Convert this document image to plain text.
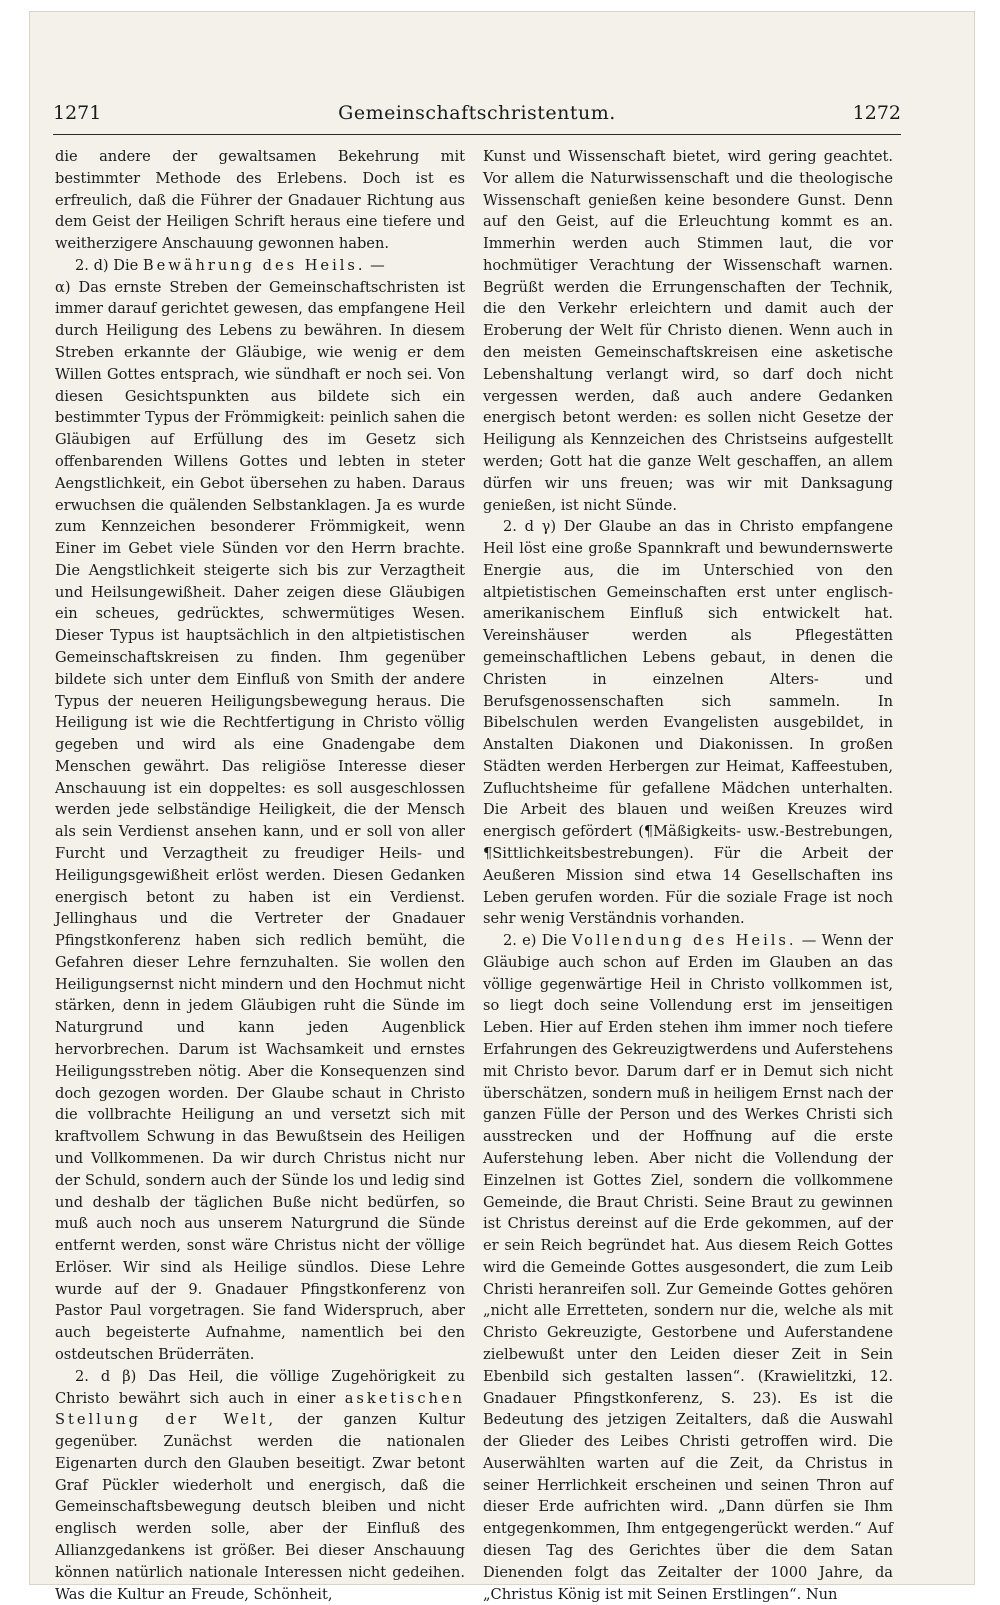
1271	Gemeinschaftschristentum.	1272

die andere der gewaltsamen Bekehrung mit bestimmter Methode des Erlebens. Doch ist es erfreulich, daß die Führer der Gnadauer Richtung aus dem Geist der Heiligen Schrift heraus eine tiefere und weitherzigere Anschauung gewonnen haben.

2. d) Die Bewährung des Heils. —

α) Das ernste Streben der Gemeinschaftschristen ist immer darauf gerichtet gewesen, das empfangene Heil durch Heiligung des Lebens zu bewähren. In diesem Streben erkannte der Gläubige, wie wenig er dem Willen Gottes entsprach, wie sündhaft er noch sei. Von diesen Gesichtspunkten aus bildete sich ein bestimmter Typus der Frömmigkeit: peinlich sahen die Gläubigen auf Erfüllung des im Gesetz sich offenbarenden Willens Gottes und lebten in steter Aengstlichkeit, ein Gebot übersehen zu haben. Daraus erwuchsen die quälenden Selbstanklagen. Ja es wurde zum Kennzeichen besonderer Frömmigkeit, wenn Einer im Gebet viele Sünden vor den Herrn brachte. Die Aengstlichkeit steigerte sich bis zur Verzagtheit und Heilsungewißheit. Daher zeigen diese Gläubigen ein scheues, gedrücktes, schwermütiges Wesen. Dieser Typus ist hauptsächlich in den altpietistischen Gemeinschaftskreisen zu finden. Ihm gegenüber bildete sich unter dem Einfluß von Smith der andere Typus der neueren Heiligungsbewegung heraus. Die Heiligung ist wie die Rechtfertigung in Christo völlig gegeben und wird als eine Gnadengabe dem Menschen gewährt. Das religiöse Interesse dieser Anschauung ist ein doppeltes: es soll ausgeschlossen werden jede selbständige Heiligkeit, die der Mensch als sein Verdienst ansehen kann, und er soll von aller Furcht und Verzagtheit zu freudiger Heils- und Heiligungsgewißheit erlöst werden. Diesen Gedanken energisch betont zu haben ist ein Verdienst. Jellinghaus und die Vertreter der Gnadauer Pfingstkonferenz haben sich redlich bemüht, die Gefahren dieser Lehre fernzuhalten. Sie wollen den Heiligungsernst nicht mindern und den Hochmut nicht stärken, denn in jedem Gläubigen ruht die Sünde im Naturgrund und kann jeden Augenblick hervorbrechen. Darum ist Wachsamkeit und ernstes Heiligungsstreben nötig. Aber die Konsequenzen sind doch gezogen worden. Der Glaube schaut in Christo die vollbrachte Heiligung an und versetzt sich mit kraftvollem Schwung in das Bewußtsein des Heiligen und Vollkommenen. Da wir durch Christus nicht nur der Schuld, sondern auch der Sünde los und ledig sind und deshalb der täglichen Buße nicht bedürfen, so muß auch noch aus unserem Naturgrund die Sünde entfernt werden, sonst wäre Christus nicht der völlige Erlöser. Wir sind als Heilige sündlos. Diese Lehre wurde auf der 9. Gnadauer Pfingstkonferenz von Pastor Paul vorgetragen. Sie fand Widerspruch, aber auch begeisterte Aufnahme, namentlich bei den ostdeutschen Brüderräten.

2. d β) Das Heil, die völlige Zugehörigkeit zu Christo bewährt sich auch in einer asketischen Stellung der Welt, der ganzen Kultur gegenüber. Zunächst werden die nationalen Eigenarten durch den Glauben beseitigt. Zwar betont Graf Pückler wiederholt und energisch, daß die Gemeinschaftsbewegung deutsch bleiben und nicht englisch werden solle, aber der Einfluß des Allianzgedankens ist größer. Bei dieser Anschauung können natürlich nationale Interessen nicht gedeihen. Was die Kultur an Freude, Schönheit,

Kunst und Wissenschaft bietet, wird gering geachtet. Vor allem die Naturwissenschaft und die theologische Wissenschaft genießen keine besondere Gunst. Denn auf den Geist, auf die Erleuchtung kommt es an. Immerhin werden auch Stimmen laut, die vor hochmütiger Verachtung der Wissenschaft warnen. Begrüßt werden die Errungenschaften der Technik, die den Verkehr erleichtern und damit auch der Eroberung der Welt für Christo dienen. Wenn auch in den meisten Gemeinschaftskreisen eine asketische Lebenshaltung verlangt wird, so darf doch nicht vergessen werden, daß auch andere Gedanken energisch betont werden: es sollen nicht Gesetze der Heiligung als Kennzeichen des Christseins aufgestellt werden; Gott hat die ganze Welt geschaffen, an allem dürfen wir uns freuen; was wir mit Danksagung genießen, ist nicht Sünde.

2. d γ) Der Glaube an das in Christo empfangene Heil löst eine große Spannkraft und bewundernswerte Energie aus, die im Unterschied von den altpietistischen Gemeinschaften erst unter englisch-amerikanischem Einfluß sich entwickelt hat. Vereinshäuser werden als Pflegestätten gemeinschaftlichen Lebens gebaut, in denen die Christen in einzelnen Alters- und Berufsgenossenschaften sich sammeln. In Bibelschulen werden Evangelisten ausgebildet, in Anstalten Diakonen und Diakonissen. In großen Städten werden Herbergen zur Heimat, Kaffeestuben, Zufluchtsheime für gefallene Mädchen unterhalten. Die Arbeit des blauen und weißen Kreuzes wird energisch gefördert (¶Mäßigkeits- usw.-Bestrebungen, ¶Sittlichkeitsbestrebungen). Für die Arbeit der Aeußeren Mission sind etwa 14 Gesellschaften ins Leben gerufen worden. Für die soziale Frage ist noch sehr wenig Verständnis vorhanden.

2. e) Die Vollendung des Heils. — Wenn der Gläubige auch schon auf Erden im Glauben an das völlige gegenwärtige Heil in Christo vollkommen ist, so liegt doch seine Vollendung erst im jenseitigen Leben. Hier auf Erden stehen ihm immer noch tiefere Erfahrungen des Gekreuzigtwerdens und Auferstehens mit Christo bevor. Darum darf er in Demut sich nicht überschätzen, sondern muß in heiligem Ernst nach der ganzen Fülle der Person und des Werkes Christi sich ausstrecken und der Hoffnung auf die erste Auferstehung leben. Aber nicht die Vollendung der Einzelnen ist Gottes Ziel, sondern die vollkommene Gemeinde, die Braut Christi. Seine Braut zu gewinnen ist Christus dereinst auf die Erde gekommen, auf der er sein Reich begründet hat. Aus diesem Reich Gottes wird die Gemeinde Gottes ausgesondert, die zum Leib Christi heranreifen soll. Zur Gemeinde Gottes gehören „nicht alle Erretteten, sondern nur die, welche als mit Christo Gekreuzigte, Gestorbene und Auferstandene zielbewußt unter den Leiden dieser Zeit in Sein Ebenbild sich gestalten lassen“. (Krawielitzki, 12. Gnadauer Pfingstkonferenz, S. 23). Es ist die Bedeutung des jetzigen Zeitalters, daß die Auswahl der Glieder des Leibes Christi getroffen wird. Die Auserwählten warten auf die Zeit, da Christus in seiner Herrlichkeit erscheinen und seinen Thron auf dieser Erde aufrichten wird. „Dann dürfen sie Ihm entgegenkommen, Ihm entgegengerückt werden.“ Auf diesen Tag des Gerichtes über die dem Satan Dienenden folgt das Zeitalter der 1000 Jahre, da „Christus König ist mit Seinen Erstlingen“. Nun
